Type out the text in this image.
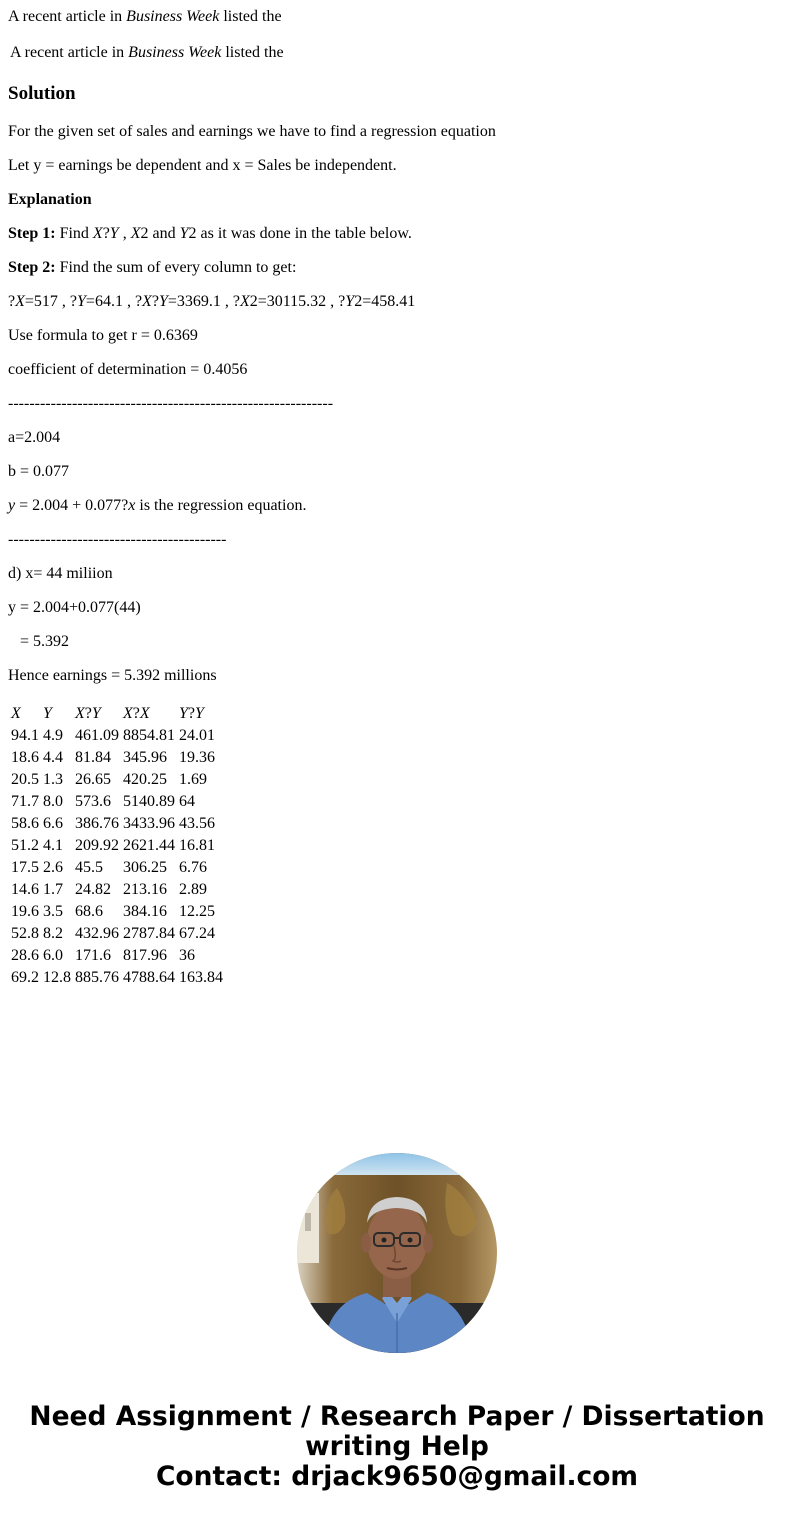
A recent article in Business Week listed the
A recent article in Business Week listed the
Solution
For the given set of sales and earnings we have to find a regression equation
Let y = earnings be dependent and x = Sales be independent.
Explanation
Step 1: Find X?Y , X2 and Y2 as it was done in the table below.
Step 2: Find the sum of every column to get:
?X=517 , ?Y=64.1 , ?X?Y=3369.1 , ?X2=30115.32 , ?Y2=458.41
Use formula to get r = 0.6369
coefficient of determination = 0.4056
-------------------------------------------------------------
a=2.004
b = 0.077
y = 2.004 + 0.077?x is the regression equation.
-----------------------------------------
d) x= 44 miliion
y = 2.004+0.077(44)
= 5.392
Hence earnings = 5.392 millions
X	Y	X?Y	X?X	Y?Y
94.1	4.9	461.09	8854.81	24.01
18.6	4.4	81.84	345.96	19.36
20.5	1.3	26.65	420.25	1.69
71.7	8.0	573.6	5140.89	64
58.6	6.6	386.76	3433.96	43.56
51.2	4.1	209.92	2621.44	16.81
17.5	2.6	45.5	306.25	6.76
14.6	1.7	24.82	213.16	2.89
19.6	3.5	68.6	384.16	12.25
52.8	8.2	432.96	2787.84	67.24
28.6	6.0	171.6	817.96	36
69.2	12.8	885.76	4788.64	163.84
Need Assignment / Research Paper / Dissertation
writing Help
Contact: drjack9650@gmail.com
